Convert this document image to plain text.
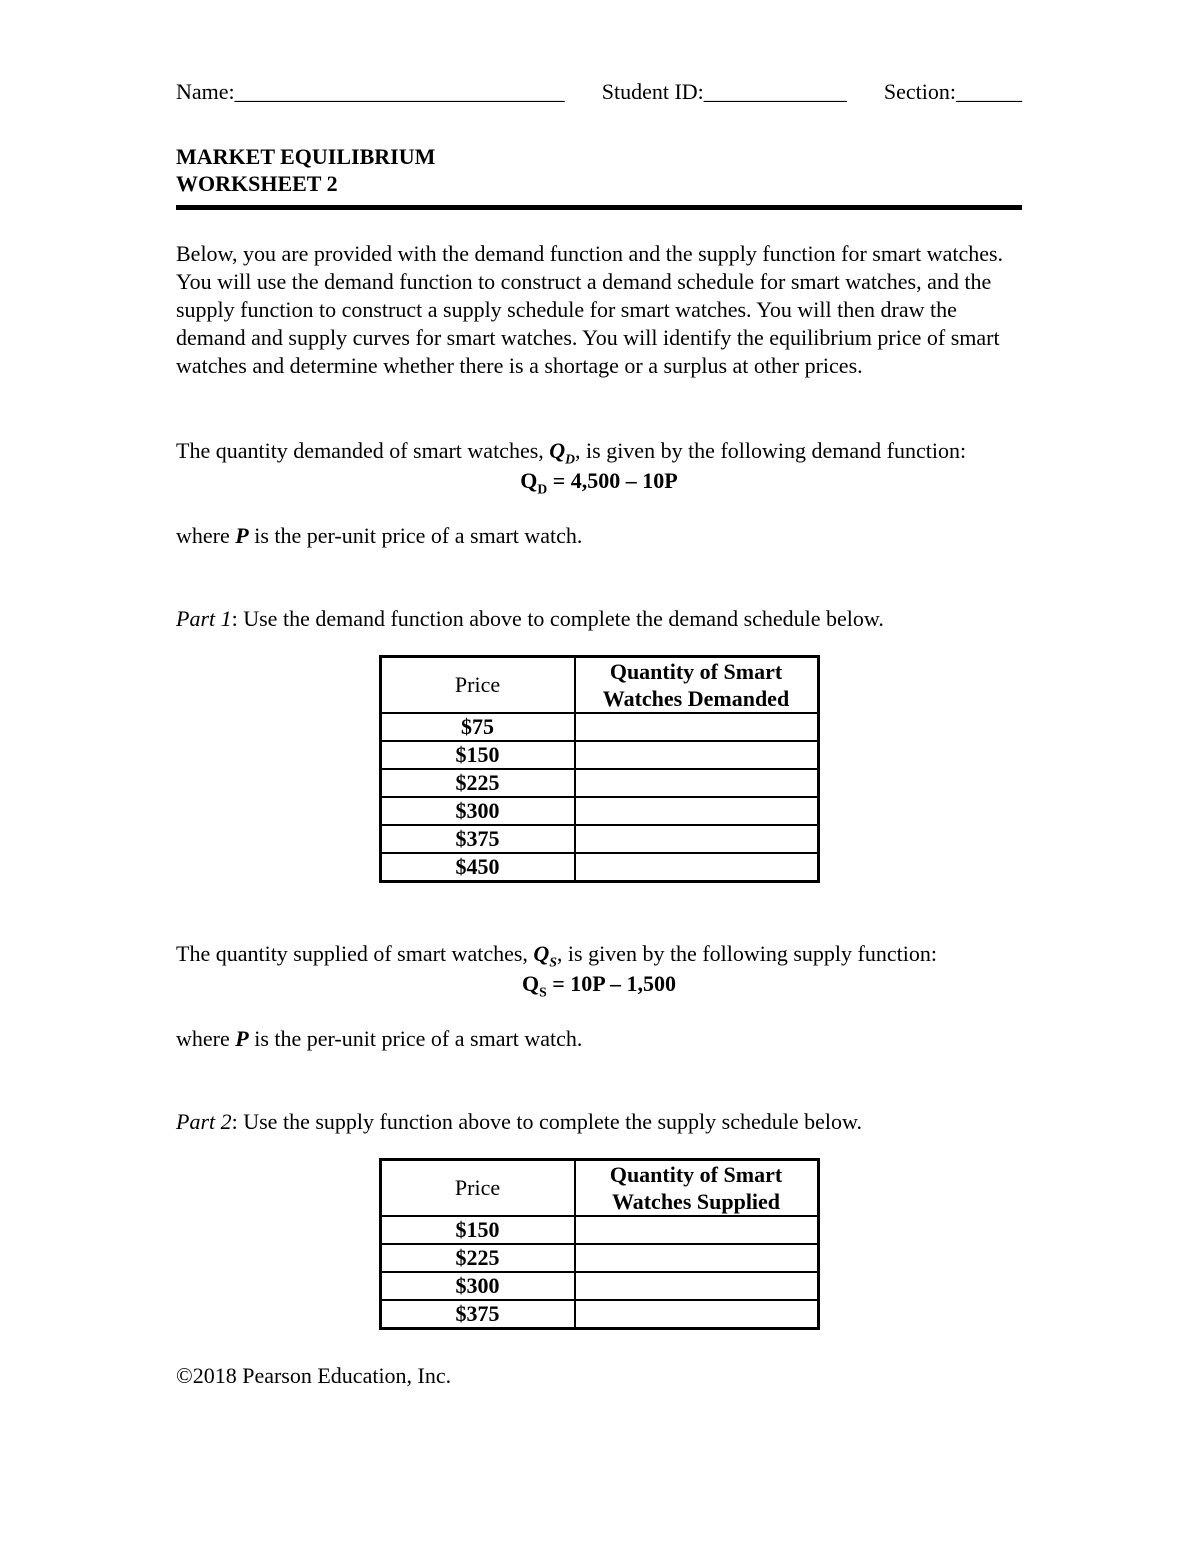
Name:______________________________ Student ID:_____________ Section:______
MARKET EQUILIBRIUM
WORKSHEET 2

Below, you are provided with the demand function and the supply function for smart watches. You will use the demand function to construct a demand schedule for smart watches, and the supply function to construct a supply schedule for smart watches. You will then draw the demand and supply curves for smart watches. You will identify the equilibrium price of smart watches and determine whether there is a shortage or a surplus at other prices.

The quantity demanded of smart watches, $Q_D$, is given by the following demand function:

$Q_D = 4,500 - 10P$

where P is the per-unit price of a smart watch.

Part 1: Use the demand function above to complete the demand schedule below.

Price	Quantity of Smart Watches Demanded
$75	
$150	
$225	
$300	
$375	
$450	

The quantity supplied of smart watches, $Q_S$, is given by the following supply function:

$Q_S = 10P - 1,500$

where P is the per-unit price of a smart watch.

Part 2: Use the supply function above to complete the supply schedule below.

Price	Quantity of Smart Watches Supplied
$150	
$225	
$300	
$375	

©2018 Pearson Education, Inc.
